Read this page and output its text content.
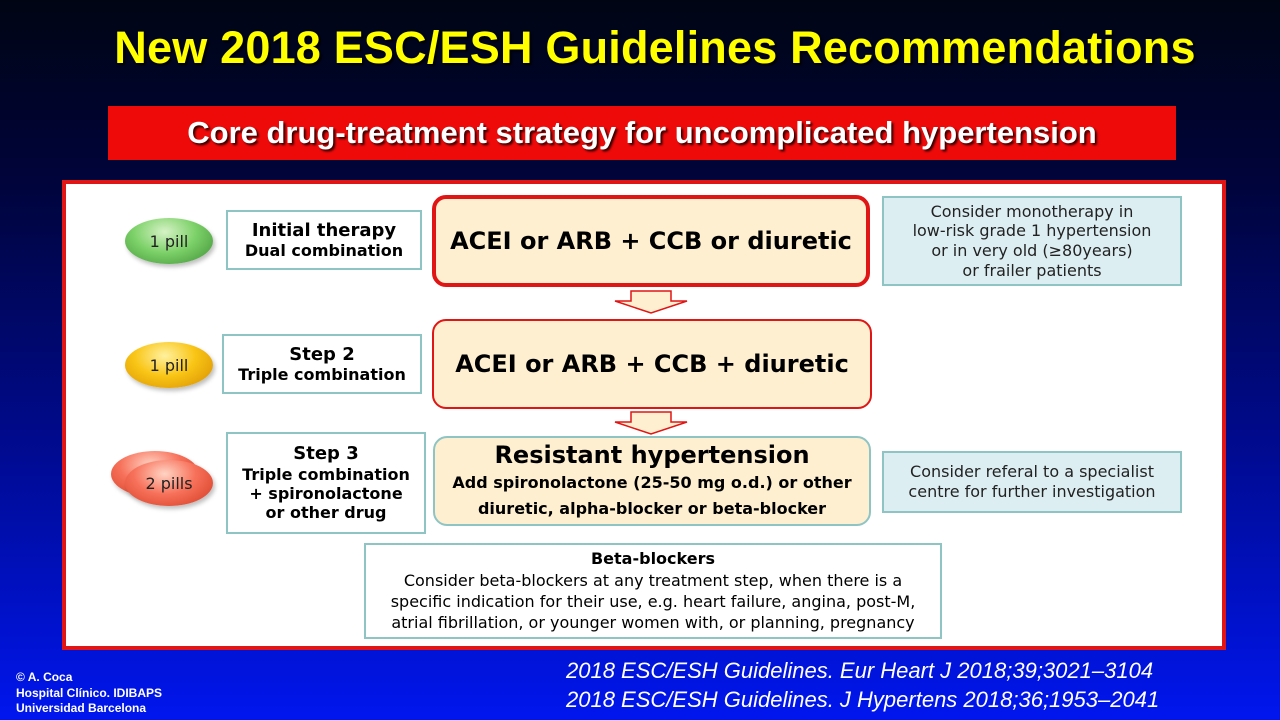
New 2018 ESC/ESH Guidelines Recommendations
Core drug-treatment strategy for uncomplicated hypertension
1 pill
Initial therapy
Dual combination ACEI or ARB + CCB or diuretic
Consider monotherapy in
low-risk grade 1 hypertension
or in very old (≥80years)
or frailer patients
1 pill
Step 2
Triple combination ACEI or ARB + CCB + diuretic
2 pills
Step 3
Triple combination
+ spironolactone
or other drug
Resistant hypertension
Add spironolactone (25-50 mg o.d.) or other
diuretic, alpha-blocker or beta-blocker
Consider referal to a specialist
centre for further investigation
Beta-blockers
Consider beta-blockers at any treatment step, when there is a
specific indication for their use, e.g. heart failure, angina, post-M,
atrial fibrillation, or younger women with, or planning, pregnancy
© A. Coca
Hospital Clínico. IDIBAPS
Universidad Barcelona
2018 ESC/ESH Guidelines. Eur Heart J 2018;39;3021–3104
2018 ESC/ESH Guidelines. J Hypertens 2018;36;1953–2041
